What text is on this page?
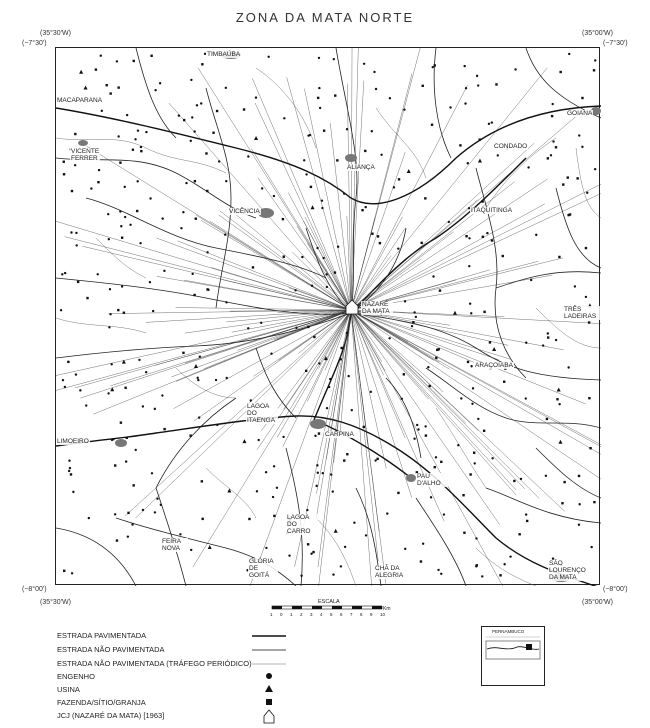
ZONA DA MATA NORTE
(35°30'W)	(35°00'W)
(−7°30')	(−7°30')
(−8°00')	(−8°00')
(35°30'W)	(35°00'W)
TIMBAÚBA
MACAPARANA
GOIANA
VICENTE FERRER
ALIANÇA
CONDADO
VICÊNCIA	ITAQUITINGA
NAZARÉ DA MATA	TRÊS LADEIRAS
ARAÇOIABA
LAGOA DO ITAENGA
CARPINA
LIMOEIRO
PAU D'ALHO
LAGOA DO CARRO
FEIRA NOVA
GLÓRIA DE GOITÁ
CHÃ DA ALEGRIA
SÃO LOURENÇO DA MATA
ESCALA
1 0 1 2 3 4 5 6 7 8 9 10
Km
ESTRADA PAVIMENTADA
ESTRADA NÃO PAVIMENTADA
ESTRADA NÃO PAVIMENTADA (TRÁFEGO PERIÓDICO)
ENGENHO
USINA
FAZENDA/SÍTIO/GRANJA
JCJ (NAZARÉ DA MATA) [1963]
PERNAMBUCO
